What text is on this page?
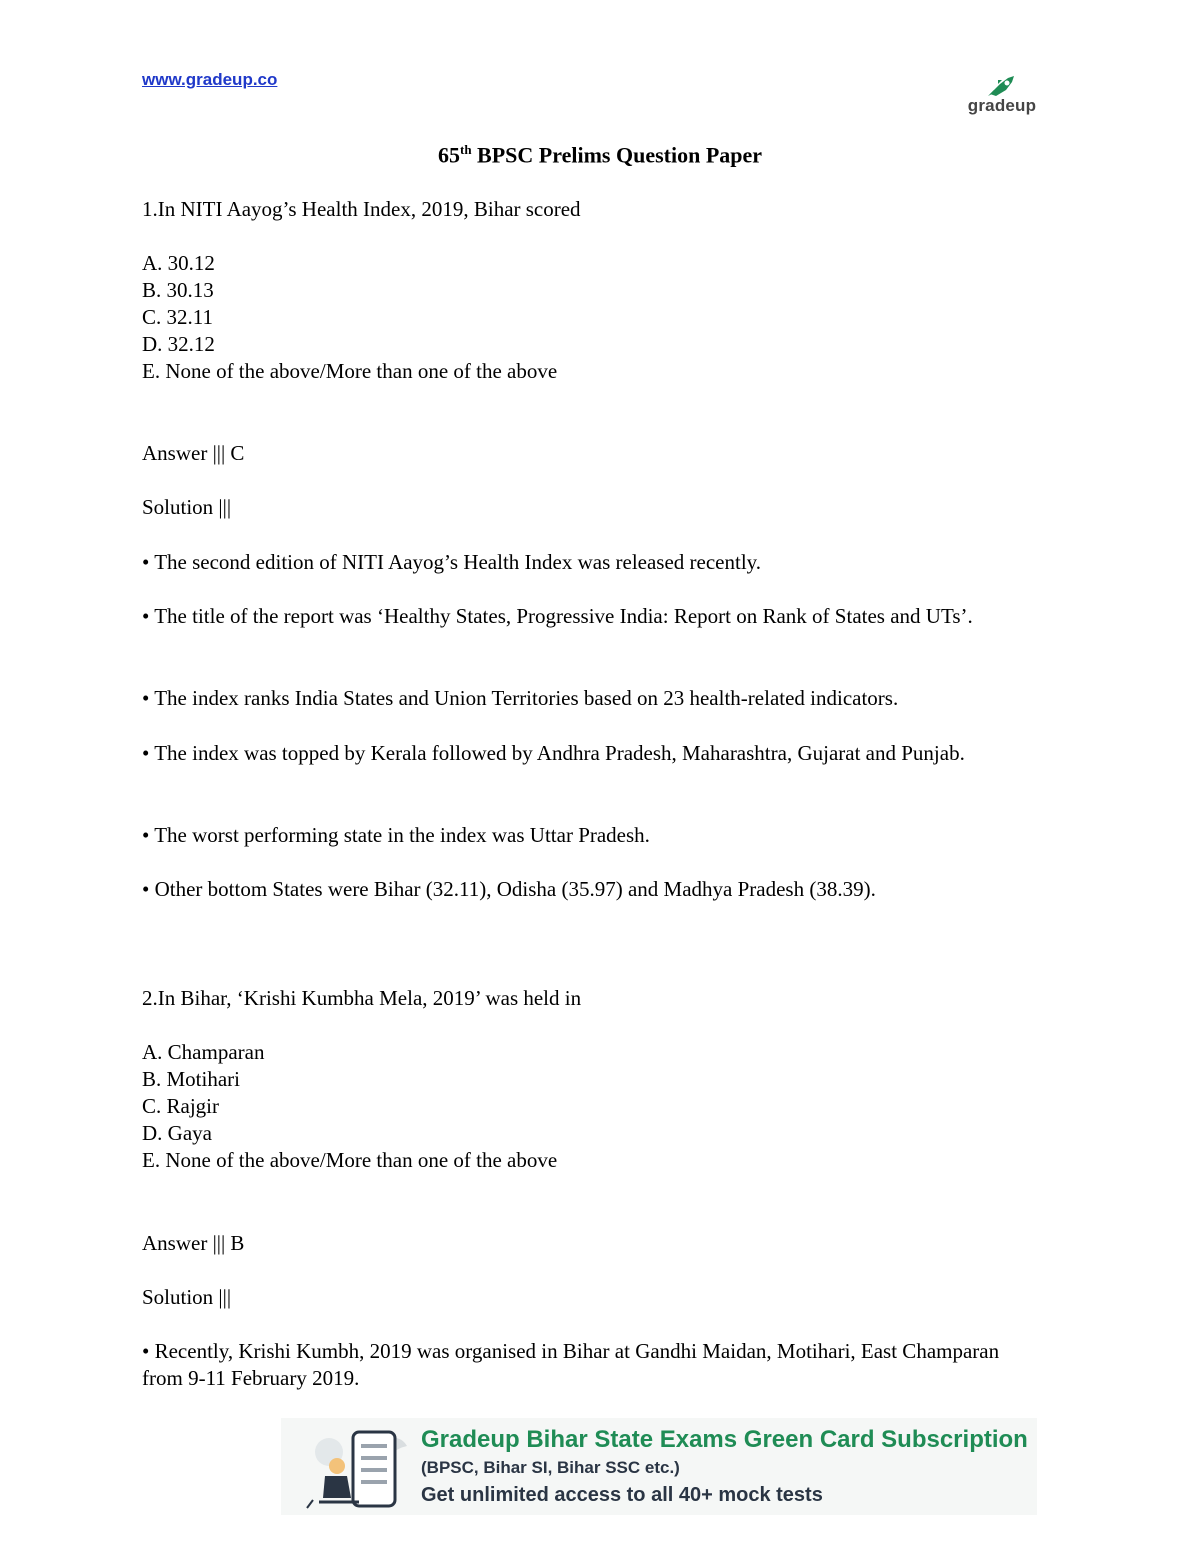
www.gradeup.co
gradeup
65th BPSC Prelims Question Paper
1.In NITI Aayog’s Health Index, 2019, Bihar scored
A. 30.12
B. 30.13
C. 32.11
D. 32.12
E. None of the above/More than one of the above
Answer ||| C
Solution |||
• The second edition of NITI Aayog’s Health Index was released recently.
• The title of the report was ‘Healthy States, Progressive India: Report on Rank of States and UTs’.
• The index ranks India States and Union Territories based on 23 health-related indicators.
• The index was topped by Kerala followed by Andhra Pradesh, Maharashtra, Gujarat and Punjab.
• The worst performing state in the index was Uttar Pradesh.
• Other bottom States were Bihar (32.11), Odisha (35.97) and Madhya Pradesh (38.39).
2.In Bihar, ‘Krishi Kumbha Mela, 2019’ was held in
A. Champaran
B. Motihari
C. Rajgir
D. Gaya
E. None of the above/More than one of the above
Answer ||| B
Solution |||
• Recently, Krishi Kumbh, 2019 was organised in Bihar at Gandhi Maidan, Motihari, East Champaran from 9-11 February 2019.
Gradeup Bihar State Exams Green Card Subscription
(BPSC, Bihar SI, Bihar SSC etc.)
Get unlimited access to all 40+ mock tests
